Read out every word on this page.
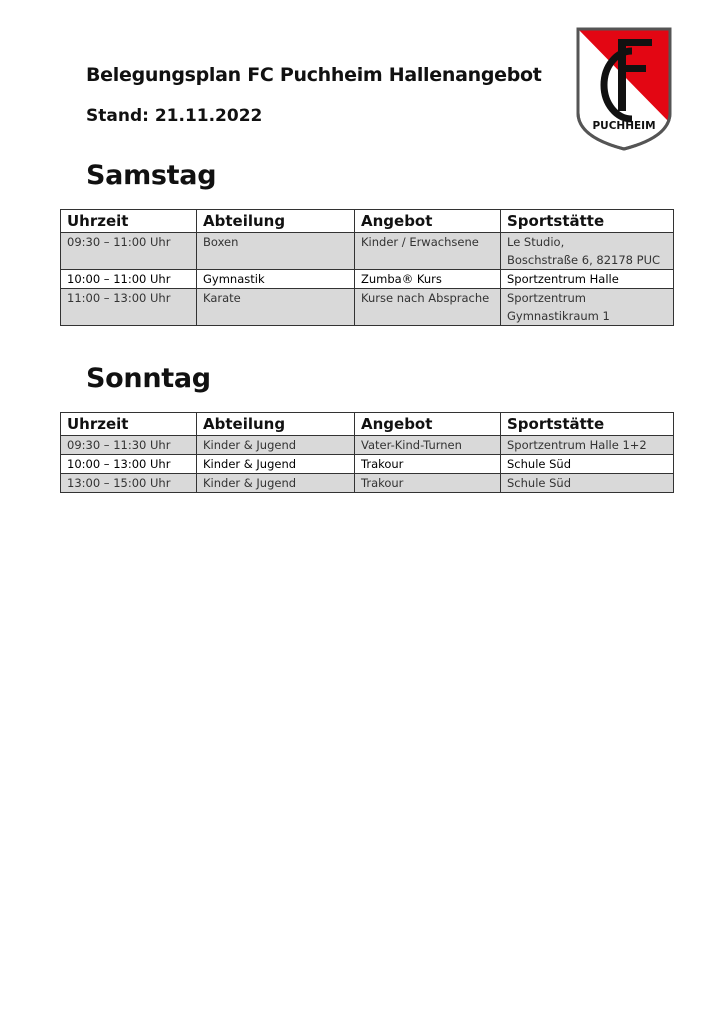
Belegungsplan FC Puchheim Hallenangebot
Stand: 21.11.2022	PUCHHEIM
Samstag
Uhrzeit	Abteilung	Angebot	Sportstätte
09:30 – 11:00 Uhr	Boxen	Kinder / Erwachsene	Le Studio,
Boschstraße 6, 82178 PUC

10:00 – 11:00 Uhr	Gymnastik	Zumba® Kurs	Sportzentrum Halle
11:00 – 13:00 Uhr	Karate	Kurse nach Absprache	Sportzentrum
Gymnastikraum 1
Sonntag
Uhrzeit	Abteilung	Angebot	Sportstätte
09:30 – 11:30 Uhr	Kinder & Jugend	Vater-Kind-Turnen	Sportzentrum Halle 1+2
10:00 – 13:00 Uhr	Kinder & Jugend	Trakour	Schule Süd
13:00 – 15:00 Uhr	Kinder & Jugend	Trakour	Schule Süd
